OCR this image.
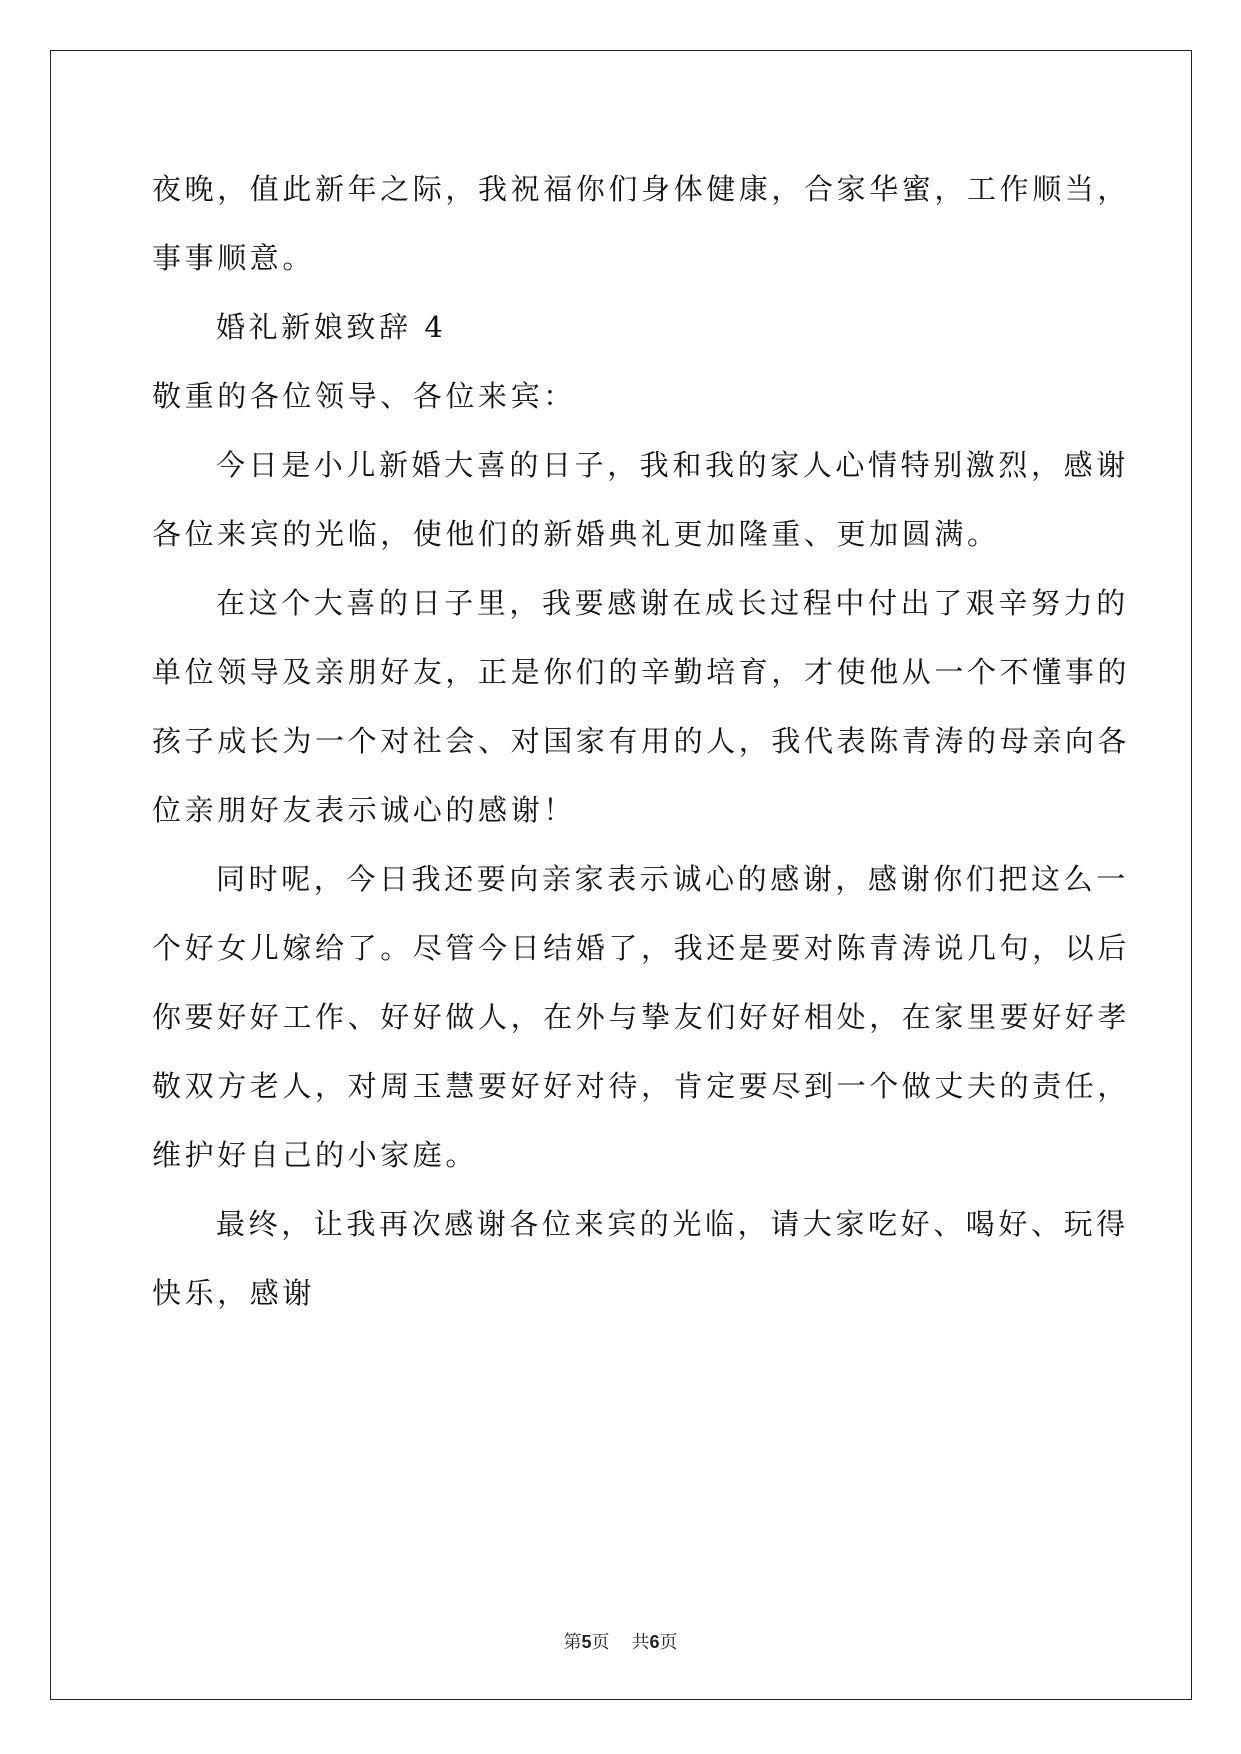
夜晚，值此新年之际，我祝福你们身体健康，合家华蜜，工作顺当，

事事顺意。

婚礼新娘致辞 4

敬重的各位领导、各位来宾：

今日是小儿新婚大喜的日子，我和我的家人心情特别激烈，感谢

各位来宾的光临，使他们的新婚典礼更加隆重、更加圆满。

在这个大喜的日子里，我要感谢在成长过程中付出了艰辛努力的

单位领导及亲朋好友，正是你们的辛勤培育，才使他从一个不懂事的

孩子成长为一个对社会、对国家有用的人，我代表陈青涛的母亲向各

位亲朋好友表示诚心的感谢！

同时呢，今日我还要向亲家表示诚心的感谢，感谢你们把这么一

个好女儿嫁给了。尽管今日结婚了，我还是要对陈青涛说几句，以后

你要好好工作、好好做人，在外与挚友们好好相处，在家里要好好孝

敬双方老人，对周玉慧要好好对待，肯定要尽到一个做丈夫的责任，

维护好自己的小家庭。

最终，让我再次感谢各位来宾的光临，请大家吃好、喝好、玩得

快乐，感谢

第5页 共6页
